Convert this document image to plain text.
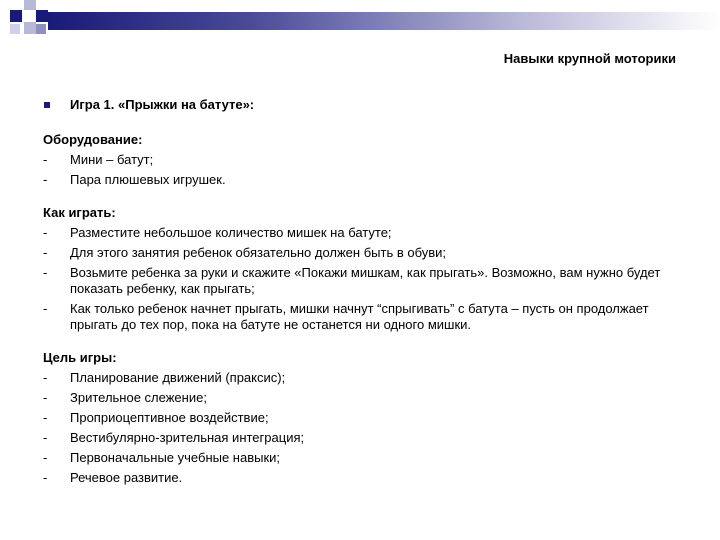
Навыки крупной моторики
Игра 1. «Прыжки на батуте»:
Оборудование:
- Мини – батут;
- Пара плюшевых игрушек.
Как играть:
- Разместите небольшое количество мишек на батуте;
- Для этого занятия ребенок обязательно должен быть в обуви;
- Возьмите ребенка за руки и скажите «Покажи мишкам, как прыгать». Возможно, вам нужно будет показать ребенку, как прыгать;
- Как только ребенок начнет прыгать, мишки начнут “спрыгивать” с батута – пусть он продолжает прыгать до тех пор, пока на батуте не останется ни одного мишки.
Цель игры:
- Планирование движений (праксис);
- Зрительное слежение;
- Проприоцептивное воздействие;
- Вестибулярно-зрительная интеграция;
- Первоначальные учебные навыки;
- Речевое развитие.
